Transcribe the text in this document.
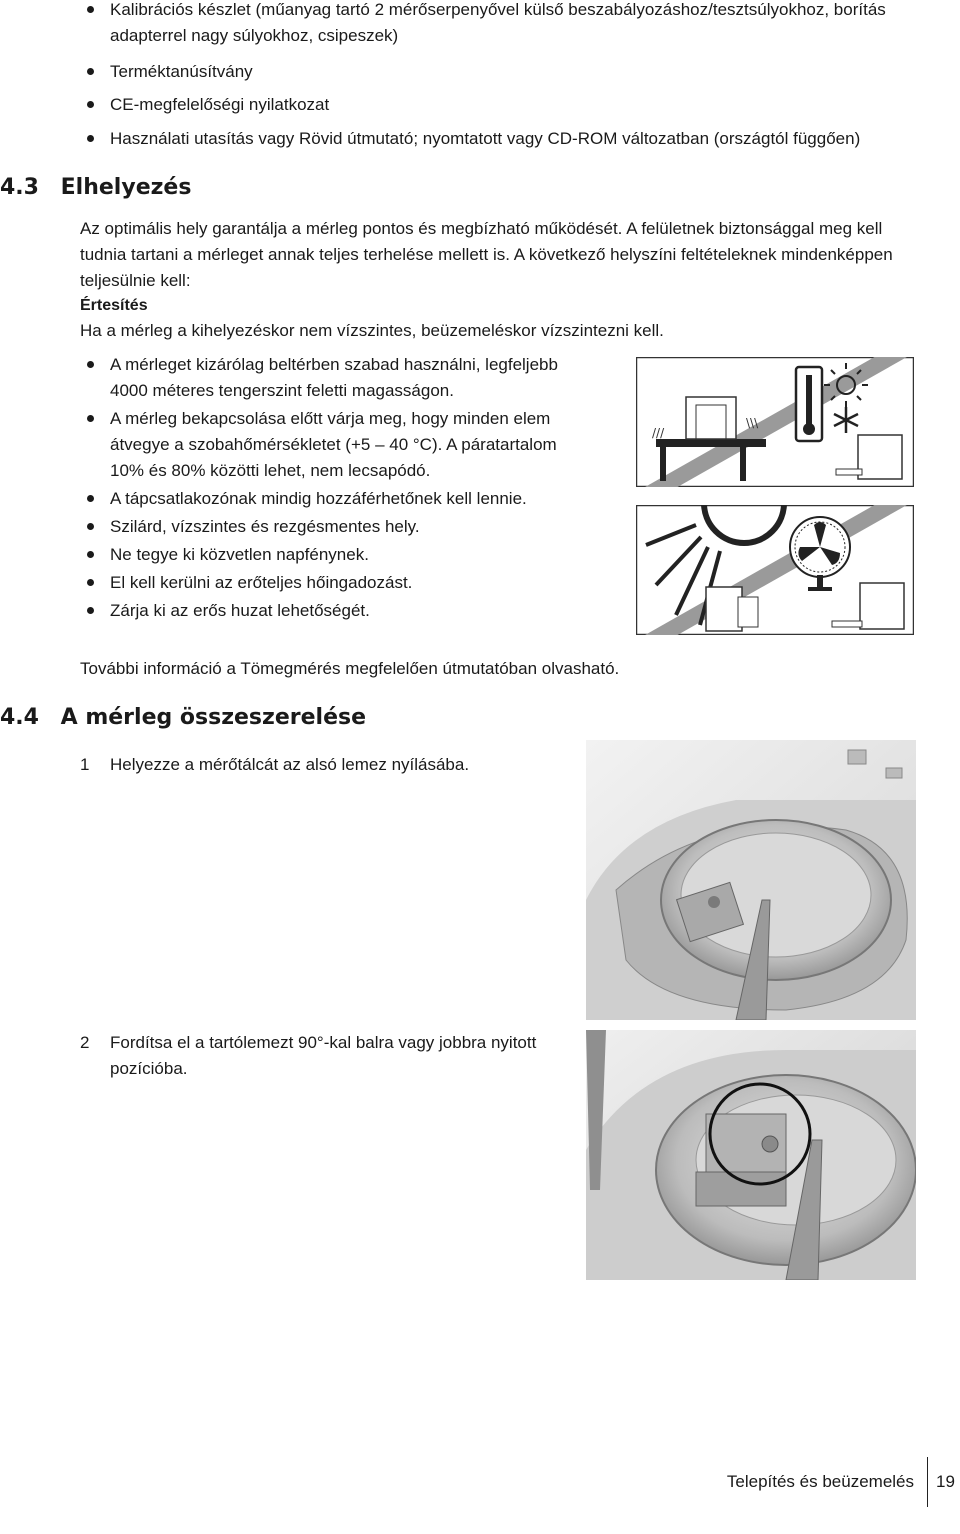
Kalibrációs készlet (műanyag tartó 2 mérőserpenyővel külső beszabályozáshoz/tesztsúlyokhoz, borítás adapterrel nagy súlyokhoz, csipeszek)
Terméktanúsítvány
CE-megfelelőségi nyilatkozat
Használati utasítás vagy Rövid útmutató; nyomtatott vagy CD-ROM változatban (országtól függően)
4.3 Elhelyezés
Az optimális hely garantálja a mérleg pontos és megbízható működését. A felületnek biztonsággal meg kell tudnia tartani a mérleget annak teljes terhelése mellett is. A következő helyszíni feltételeknek mindenképpen teljesülnie kell:
Értesítés
Ha a mérleg a kihelyezéskor nem vízszintes, beüzemeléskor vízszintezni kell.
A mérleget kizárólag beltérben szabad használni, legfeljebb 4000 méteres tengerszint feletti magasságon.
A mérleg bekapcsolása előtt várja meg, hogy minden elem átvegye a szobahőmérsékletet (+5 – 40 °C). A páratartalom 10% és 80% közötti lehet, nem lecsapódó.
A tápcsatlakozónak mindig hozzáférhetőnek kell lennie.
Szilárd, vízszintes és rezgésmentes hely.
Ne tegye ki közvetlen napfénynek.
El kell kerülni az erőteljes hőingadozást.
Zárja ki az erős huzat lehetőségét.
///
\\\
További információ a Tömegmérés megfelelően útmutatóban olvasható.
4.4 A mérleg összeszerelése
1 Helyezze a mérőtálcát az alsó lemez nyílásába.
2 Fordítsa el a tartólemezt 90°-kal balra vagy jobbra nyitott pozícióba.
Telepítés és beüzemelés 19
